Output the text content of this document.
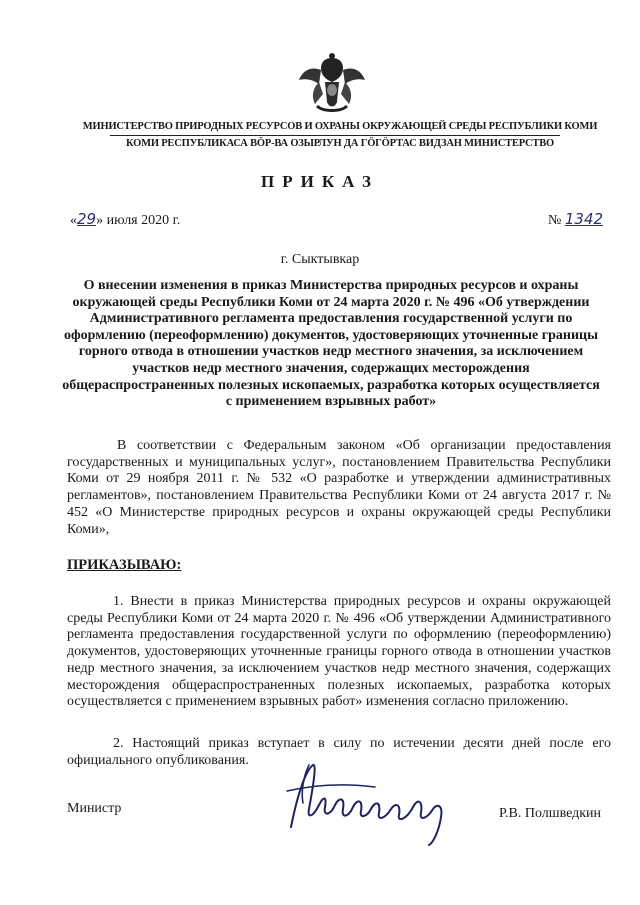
МИНИСТЕРСТВО ПРИРОДНЫХ РЕСУРСОВ И ОХРАНЫ ОКРУЖАЮЩЕЙ СРЕДЫ РЕСПУБЛИКИ КОМИ
КОМИ РЕСПУБЛИКАСА ВӦР-ВА ОЗЫРЛУН ДА ГӦГӦРТАС ВИДЗАН МИНИСТЕРСТВО
ПРИКАЗ
«29» июля 2020 г.	№ 1342
г. Сыктывкар
О внесении изменения в приказ Министерства природных ресурсов и охраны окружающей среды Республики Коми от 24 марта 2020 г. № 496 «Об утверждении Административного регламента предоставления государственной услуги по оформлению (переоформлению) документов, удостоверяющих уточненные границы горного отвода в отношении участков недр местного значения, за исключением участков недр местного значения, содержащих месторождения общераспространенных полезных ископаемых, разработка которых осуществляется с применением взрывных работ»

В соответствии с Федеральным законом «Об организации предоставления государственных и муниципальных услуг», постановлением Правительства Республики Коми от 29 ноября 2011 г. № 532 «О разработке и утверждении административных регламентов», постановлением Правительства Республики Коми от 24 августа 2017 г. № 452 «О Министерстве природных ресурсов и охраны окружающей среды Республики Коми»,

ПРИКАЗЫВАЮ:

1. Внести в приказ Министерства природных ресурсов и охраны окружающей среды Республики Коми от 24 марта 2020 г. № 496 «Об утверждении Административного регламента предоставления государственной услуги по оформлению (переоформлению) документов, удостоверяющих уточненные границы горного отвода в отношении участков недр местного значения, за исключением участков недр местного значения, содержащих месторождения общераспространенных полезных ископаемых, разработка которых осуществляется с применением взрывных работ» изменения согласно приложению.

2. Настоящий приказ вступает в силу по истечении десяти дней после его официального опубликования.

Министр	Р.В. Полшведкин
